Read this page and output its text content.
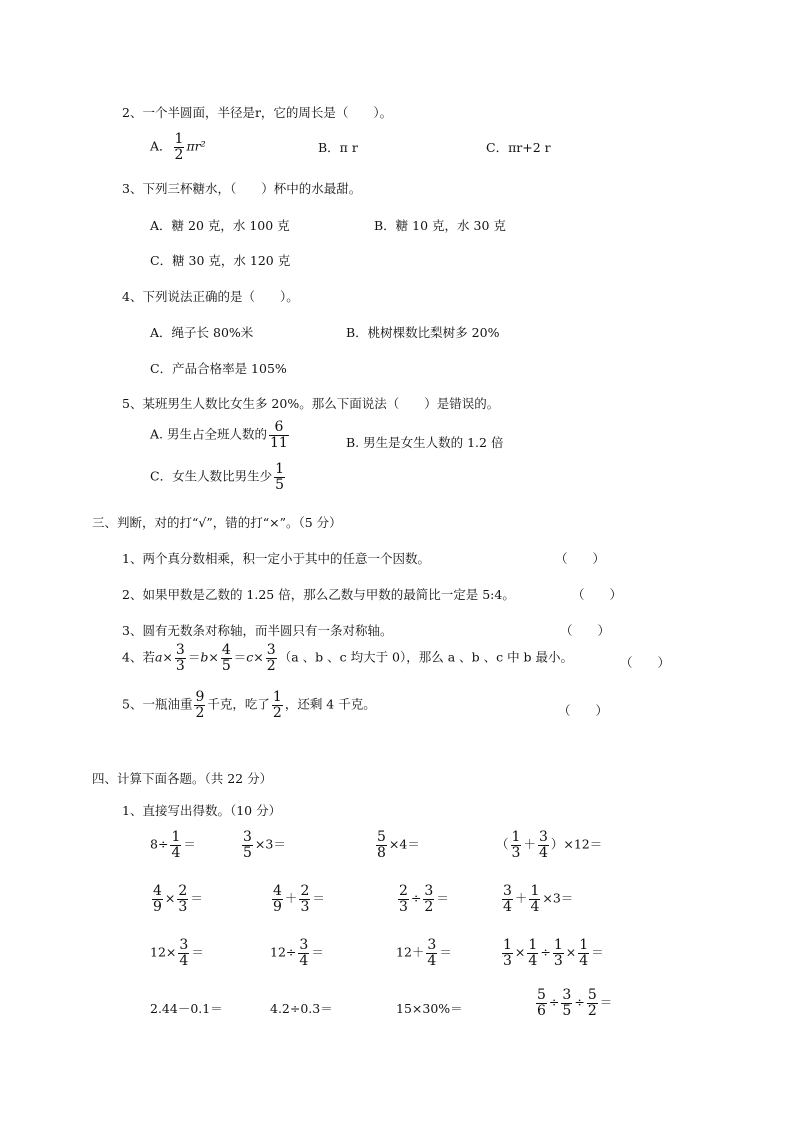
2、一个半圆面，半径是r，它的周长是（　　）。
A． $\frac{1}{2} \pi r^2$	B．π r	C．πr+2 r
3、下列三杯糖水，（　　）杯中的水最甜。
A．糖 20 克，水 100 克	B．糖 10 克，水 30 克
C．糖 30 克，水 120 克
4、下列说法正确的是（　　）。
A．绳子长 80%米	B．桃树棵数比梨树多 20%
C．产品合格率是 105%
5、某班男生人数比女生多 20%。那么下面说法（　　）是错误的。
A. 男生占全班人数的 $\frac{6}{11}$	B. 男生是女生人数的 1.2 倍
C．女生人数比男生少 $\frac{1}{5}$
三、判断，对的打“√”，错的打“×”。（5 分）
1、两个真分数相乘，积一定小于其中的任意一个因数。	（　　）
2、如果甲数是乙数的 1.25 倍，那么乙数与甲数的最简比一定是 5:4。	（　　）
3、圆有无数条对称轴，而半圆只有一条对称轴。	（　　）
4、若$a\times \frac{3}{3} =b\times \frac{4}{5} =c\times \frac{3}{2} (a$ 、b 、c 均大于 0），那么 a 、b 、c 中 b 最小。	（　　）
5、一瓶油重 $\frac{9}{2}$ 千克，吃了 $\frac{1}{2}$ ，还剩 4 千克。	（　　）
四、计算下面各题。（共 22 分）
1、直接写出得数。（10 分）
$8\div \frac{1}{4}$ ＝	$\frac{3}{5} \times 3=$	$\frac{5}{8} \times 4=$	（ $\frac{1}{3} + \frac{3}{4} )\times 12=$
$\frac{4}{9} \times \frac{2}{3}$ ＝	$\frac{4}{9} + \frac{2}{3}$ ＝	$\frac{2}{3} \div \frac{3}{2}$ ＝	$\frac{3}{4} + \frac{1}{4} \times 3=$
$12\times \frac{3}{4}$ ＝	$12\div \frac{3}{4}$ ＝	$12+ \frac{3}{4}$ ＝	$\frac{1}{3} \times \frac{1}{4} \div \frac{1}{3} \times \frac{1}{4}$ ＝
2.44－0.1＝	4.2÷0.3＝	15×30%＝	$\frac{5}{6} \div \frac{3}{5} \div \frac{5}{2}$ ＝
